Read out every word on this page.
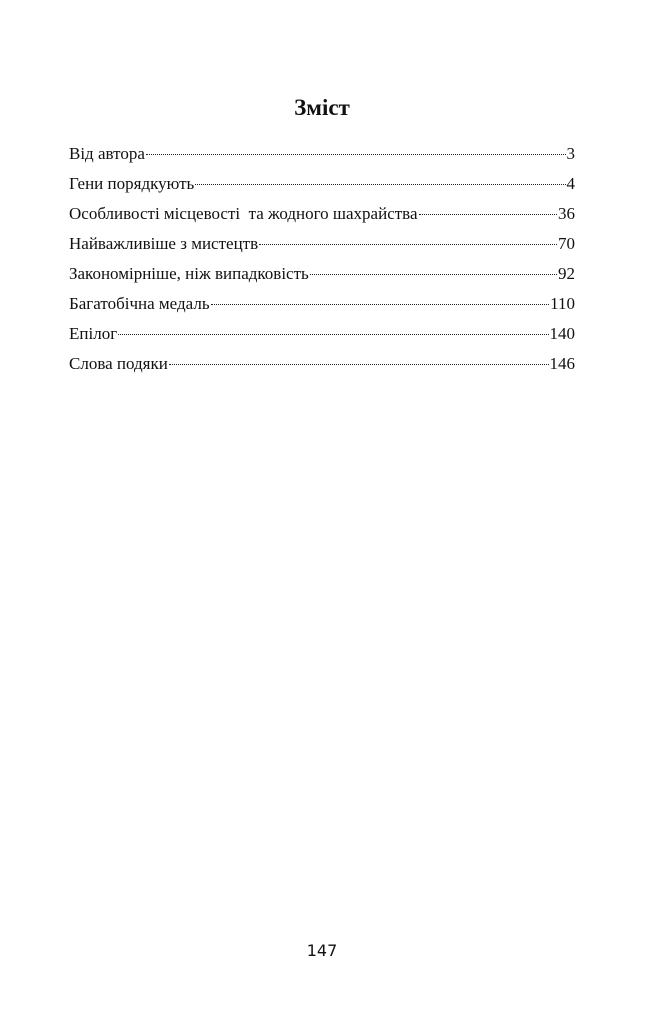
Зміст
Від автора	3
Гени порядкують	4
Особливості місцевості  та жодного шахрайства	36
Найважливіше з мистецтв	70
Закономірніше, ніж випадковість	92
Багатобічна медаль	110
Епілог	140
Слова подяки	146
147
